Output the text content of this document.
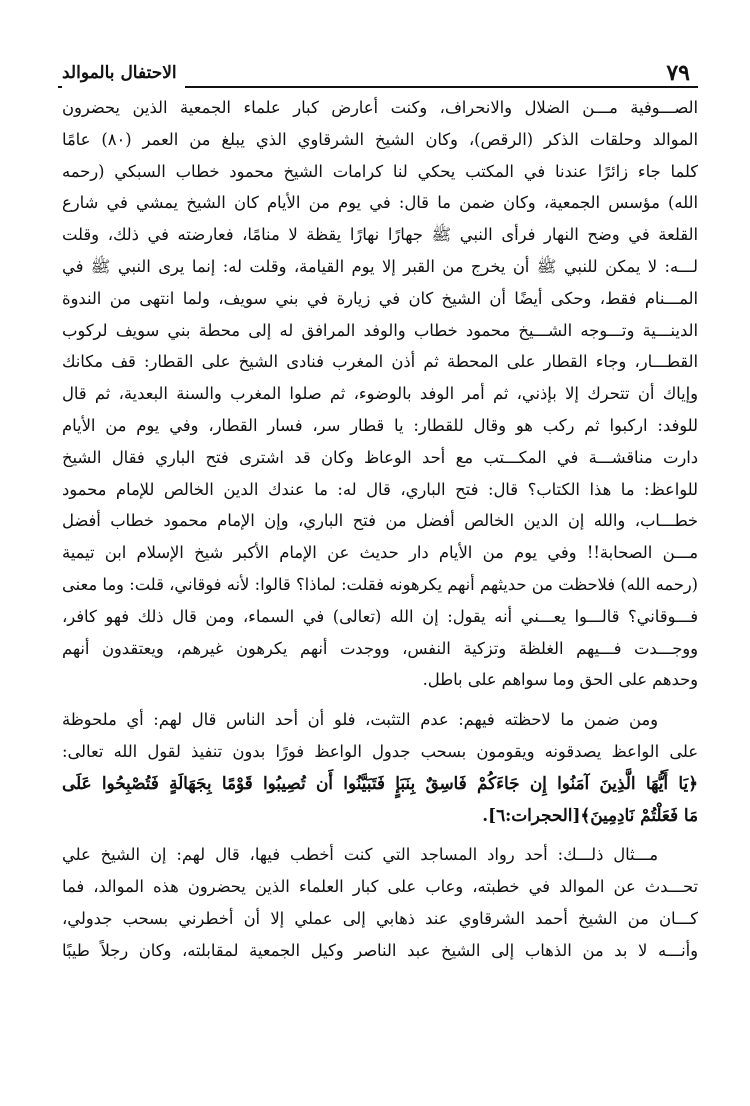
٧٩
الاحتفال بالموالد
الصـــوفية مـــن الضلال والانحراف، وكنت أعارض كبار علماء الجمعية الذين يحضرون
الموالد وحلقات الذكر (الرقص)، وكان الشيخ الشرقاوي الذي يبلغ من العمر (٨٠) عامًا
كلما جاء زائرًا عندنا في المكتب يحكي لنا كرامات الشيخ محمود خطاب السبكي (رحمه
الله) مؤسس الجمعية، وكان ضمن ما قال: في يوم من الأيام كان الشيخ يمشي في شارع
القلعة في وضح النهار فرأى النبي ﷺ جهارًا نهارًا يقظة لا منامًا، فعارضته في ذلك، وقلت
لـــه: لا يمكن للنبي ﷺ أن يخرج من القبر إلا يوم القيامة، وقلت له: إنما يرى النبي ﷺ في
المـــنام فقط، وحكى أيضًا أن الشيخ كان في زيارة في بني سويف، ولما انتهى من الندوة
الدينـــية وتـــوجه الشـــيخ محمود خطاب والوفد المرافق له إلى محطة بني سويف لركوب
القطـــار، وجاء القطار على المحطة ثم أذن المغرب فنادى الشيخ على القطار: قف مكانك
وإياك أن تتحرك إلا بإذني، ثم أمر الوفد بالوضوء، ثم صلوا المغرب والسنة البعدية، ثم قال
للوفد: اركبوا ثم ركب هو وقال للقطار: يا قطار سر، فسار القطار، وفي يوم من الأيام
دارت مناقشـــة في المكـــتب مع أحد الوعاظ وكان قد اشترى فتح الباري فقال الشيخ
للواعظ: ما هذا الكتاب؟ قال: فتح الباري، قال له: ما عندك الدين الخالص للإمام محمود
خطـــاب، والله إن الدين الخالص أفضل من فتح الباري، وإن الإمام محمود خطاب أفضل
مـــن الصحابة!! وفي يوم من الأيام دار حديث عن الإمام الأكبر شيخ الإسلام ابن تيمية
(رحمه الله) فلاحظت من حديثهم أنهم يكرهونه فقلت: لماذا؟ قالوا: لأنه فوقاني، قلت: وما معنى
فـــوقاني؟ قالـــوا يعـــني أنه يقول: إن الله (تعالى) في السماء، ومن قال ذلك فهو كافر،
ووجـــدت فـــيهم الغلظة وتزكية النفس، ووجدت أنهم يكرهون غيرهم، ويعتقدون أنهم
وحدهم على الحق وما سواهم على باطل.
ومن ضمن ما لاحظته فيهم: عدم التثبت، فلو أن أحد الناس قال لهم: أي ملحوظة
على الواعظ يصدقونه ويقومون بسحب جدول الواعظ فورًا بدون تنفيذ لقول الله تعالى:
﴿يَا أَيُّهَا الَّذِينَ آمَنُوا إِن جَاءَكُمْ فَاسِقٌ بِنَبَإٍ فَتَبَيَّنُوا أَن تُصِيبُوا قَوْمًا بِجَهَالَةٍ فَتُصْبِحُوا عَلَى
مَا فَعَلْتُمْ نَادِمِينَ﴾[الحجرات:٦].
مـــثال ذلـــك: أحد رواد المساجد التي كنت أخطب فيها، قال لهم: إن الشيخ علي
تحـــدث عن الموالد في خطبته، وعاب على كبار العلماء الذين يحضرون هذه الموالد، فما
كـــان من الشيخ أحمد الشرقاوي عند ذهابي إلى عملي إلا أن أخطرني بسحب جدولي،
وأنـــه لا بد من الذهاب إلى الشيخ عبد الناصر وكيل الجمعية لمقابلته، وكان رجلاً طيبًا
